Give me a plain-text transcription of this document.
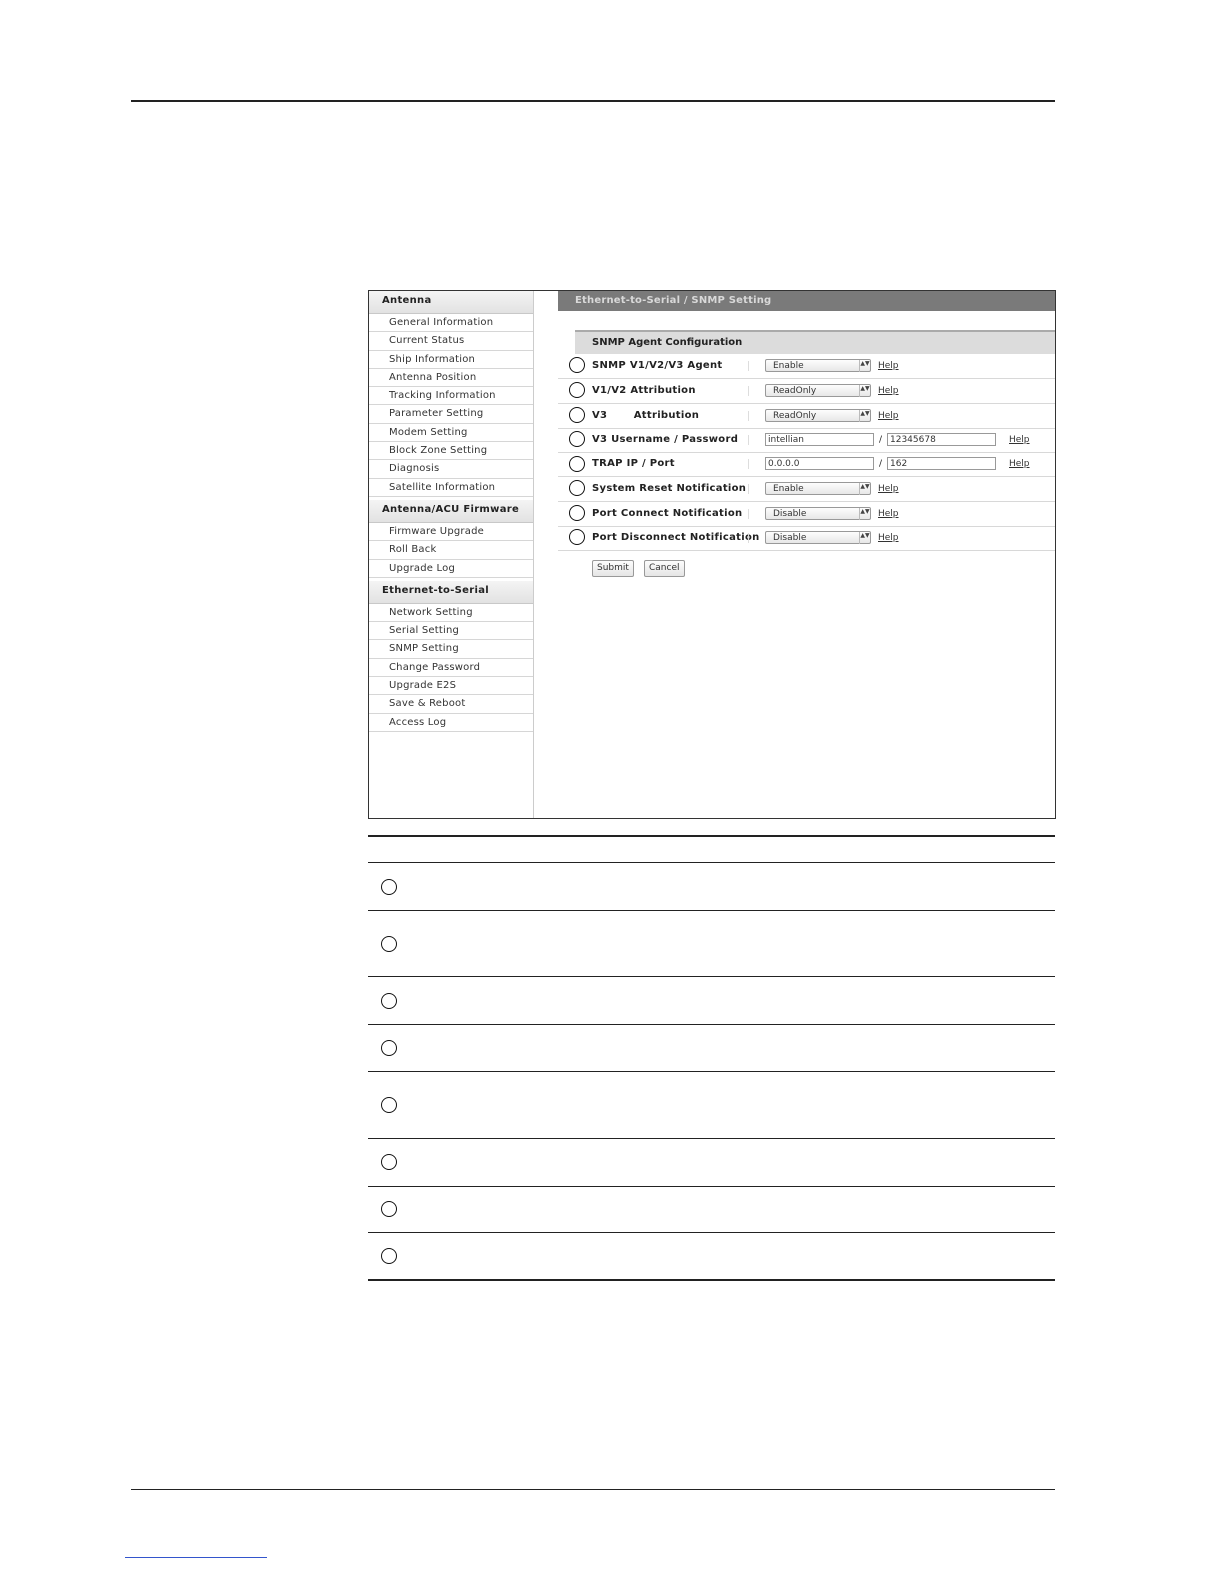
Antenna
General Information
Current Status
Ship Information
Antenna Position
Tracking Information
Parameter Setting
Modem Setting
Block Zone Setting
Diagnosis
Satellite Information
Antenna/ACU Firmware
Firmware Upgrade
Roll Back
Upgrade Log
Ethernet-to-Serial
Network Setting
Serial Setting
SNMP Setting
Change Password
Upgrade E2S
Save & Reboot
Access Log
Ethernet-to-Serial / SNMP Setting
SNMP Agent Configuration
SNMP V1/V2/V3 Agent	Enable	▲▼ Help
V1/V2 Attribution	ReadOnly	▲▼ Help
V3       Attribution	ReadOnly	▲▼ Help
V3 Username / Password	intellian	/ 12345678	Help
TRAP IP / Port	0.0.0.0	/ 162	Help
System Reset Notification	Enable	▲▼ Help
Port Connect Notification	Disable	▲▼ Help
Port Disconnect Notification	Disable	▲▼ Help
Submit	Cancel
